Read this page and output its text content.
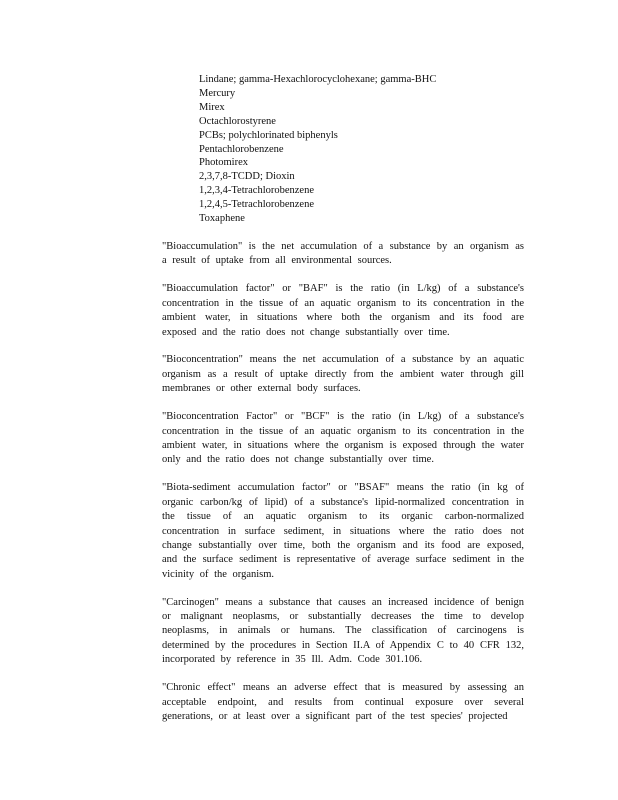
Lindane; gamma-Hexachlorocyclohexane; gamma-BHC
Mercury
Mirex
Octachlorostyrene
PCBs; polychlorinated biphenyls
Pentachlorobenzene
Photomirex
2,3,7,8-TCDD; Dioxin
1,2,3,4-Tetrachlorobenzene
1,2,4,5-Tetrachlorobenzene
Toxaphene

"Bioaccumulation" is the net accumulation of a substance by an organism as a result of uptake from all environmental sources.

"Bioaccumulation factor" or "BAF" is the ratio (in L/kg) of a substance's concentration in the tissue of an aquatic organism to its concentration in the ambient water, in situations where both the organism and its food are exposed and the ratio does not change substantially over time.

"Bioconcentration" means the net accumulation of a substance by an aquatic organism as a result of uptake directly from the ambient water through gill membranes or other external body surfaces.

"Bioconcentration Factor" or "BCF" is the ratio (in L/kg) of a substance's concentration in the tissue of an aquatic organism to its concentration in the ambient water, in situations where the organism is exposed through the water only and the ratio does not change substantially over time.

"Biota-sediment accumulation factor" or "BSAF" means the ratio (in kg of organic carbon/kg of lipid) of a substance's lipid-normalized concentration in the tissue of an aquatic organism to its organic carbon-normalized concentration in surface sediment, in situations where the ratio does not change substantially over time, both the organism and its food are exposed, and the surface sediment is representative of average surface sediment in the vicinity of the organism.

"Carcinogen" means a substance that causes an increased incidence of benign or malignant neoplasms, or substantially decreases the time to develop neoplasms, in animals or humans. The classification of carcinogens is determined by the procedures in Section II.A of Appendix C to 40 CFR 132, incorporated by reference in 35 Ill. Adm. Code 301.106.

"Chronic effect" means an adverse effect that is measured by assessing an acceptable endpoint, and results from continual exposure over several generations, or at least over a significant part of the test species' projected
